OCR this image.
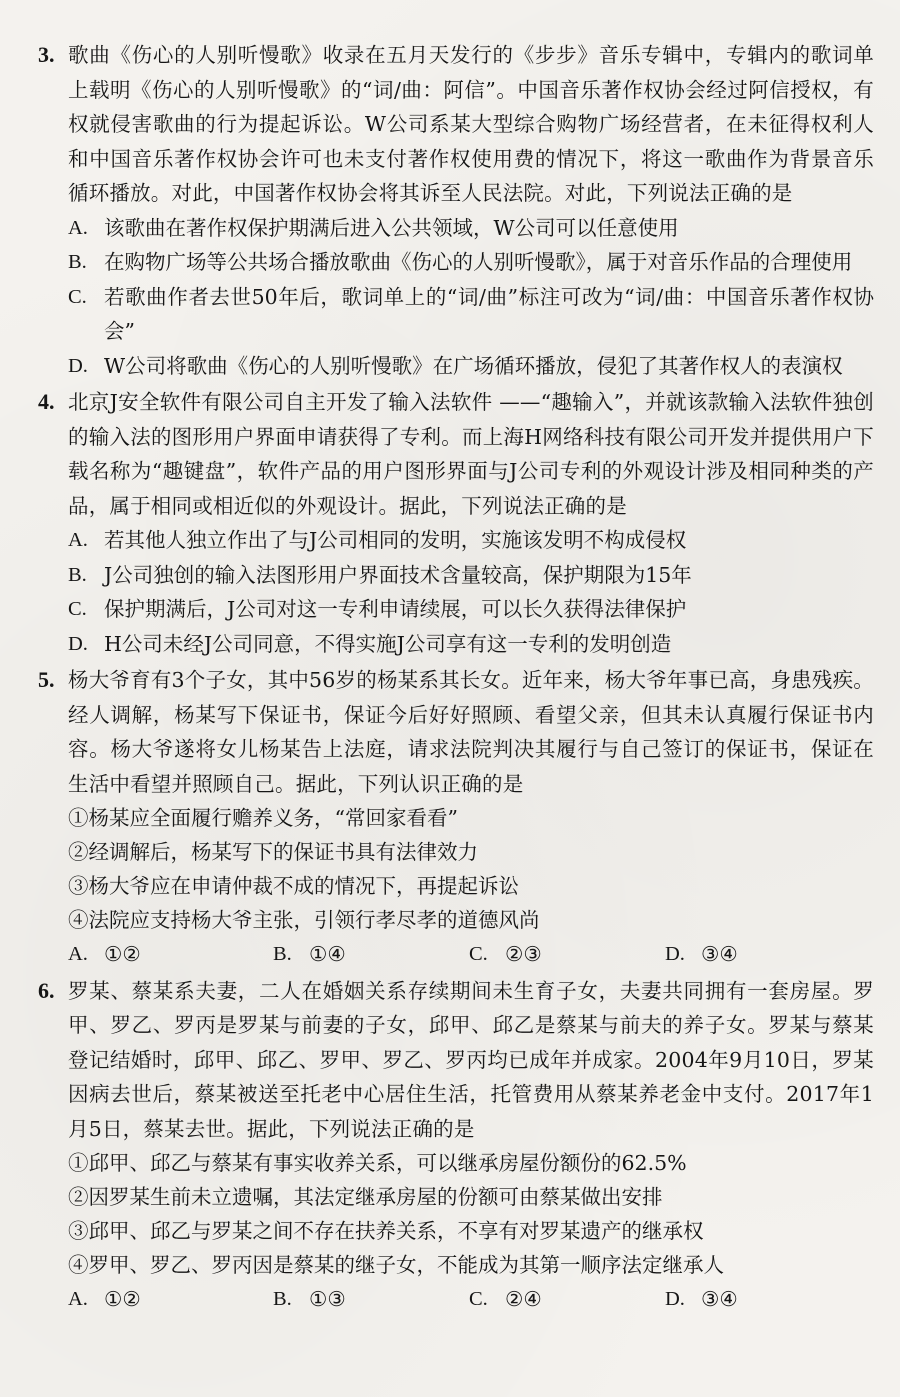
3. 歌曲《伤心的人别听慢歌》收录在五月天发行的《步步》音乐专辑中，专辑内的歌词单上载明《伤心的人别听慢歌》的“词/曲：阿信”。中国音乐著作权协会经过阿信授权，有权就侵害歌曲的行为提起诉讼。W公司系某大型综合购物广场经营者，在未征得权利人和中国音乐著作权协会许可也未支付著作权使用费的情况下，将这一歌曲作为背景音乐循环播放。对此，中国著作权协会将其诉至人民法院。对此，下列说法正确的是
A. 该歌曲在著作权保护期满后进入公共领域，W公司可以任意使用
B. 在购物广场等公共场合播放歌曲《伤心的人别听慢歌》，属于对音乐作品的合理使用
C. 若歌曲作者去世50年后，歌词单上的“词/曲”标注可改为“词/曲：中国音乐著作权协会”
D. W公司将歌曲《伤心的人别听慢歌》在广场循环播放，侵犯了其著作权人的表演权
4. 北京J安全软件有限公司自主开发了输入法软件 ——“趣输入”，并就该款输入法软件独创的输入法的图形用户界面申请获得了专利。而上海H网络科技有限公司开发并提供用户下载名称为“趣键盘”，软件产品的用户图形界面与J公司专利的外观设计涉及相同种类的产品，属于相同或相近似的外观设计。据此，下列说法正确的是
A. 若其他人独立作出了与J公司相同的发明，实施该发明不构成侵权
B. J公司独创的输入法图形用户界面技术含量较高，保护期限为15年
C. 保护期满后，J公司对这一专利申请续展，可以长久获得法律保护
D. H公司未经J公司同意，不得实施J公司享有这一专利的发明创造
5. 杨大爷育有3个子女，其中56岁的杨某系其长女。近年来，杨大爷年事已高，身患残疾。经人调解，杨某写下保证书，保证今后好好照顾、看望父亲，但其未认真履行保证书内容。杨大爷遂将女儿杨某告上法庭，请求法院判决其履行与自己签订的保证书，保证在生活中看望并照顾自己。据此，下列认识正确的是
①杨某应全面履行赡养义务，“常回家看看”
②经调解后，杨某写下的保证书具有法律效力
③杨大爷应在申请仲裁不成的情况下，再提起诉讼
④法院应支持杨大爷主张，引领行孝尽孝的道德风尚
A. ①②	B. ①④	C. ②③	D. ③④
6. 罗某、蔡某系夫妻，二人在婚姻关系存续期间未生育子女，夫妻共同拥有一套房屋。罗甲、罗乙、罗丙是罗某与前妻的子女，邱甲、邱乙是蔡某与前夫的养子女。罗某与蔡某登记结婚时，邱甲、邱乙、罗甲、罗乙、罗丙均已成年并成家。2004年9月10日，罗某因病去世后，蔡某被送至托老中心居住生活，托管费用从蔡某养老金中支付。2017年1月5日，蔡某去世。据此，下列说法正确的是
①邱甲、邱乙与蔡某有事实收养关系，可以继承房屋份额份的62.5%
②因罗某生前未立遗嘱，其法定继承房屋的份额可由蔡某做出安排
③邱甲、邱乙与罗某之间不存在扶养关系，不享有对罗某遗产的继承权
④罗甲、罗乙、罗丙因是蔡某的继子女，不能成为其第一顺序法定继承人
A. ①②	B. ①③	C. ②④	D. ③④
